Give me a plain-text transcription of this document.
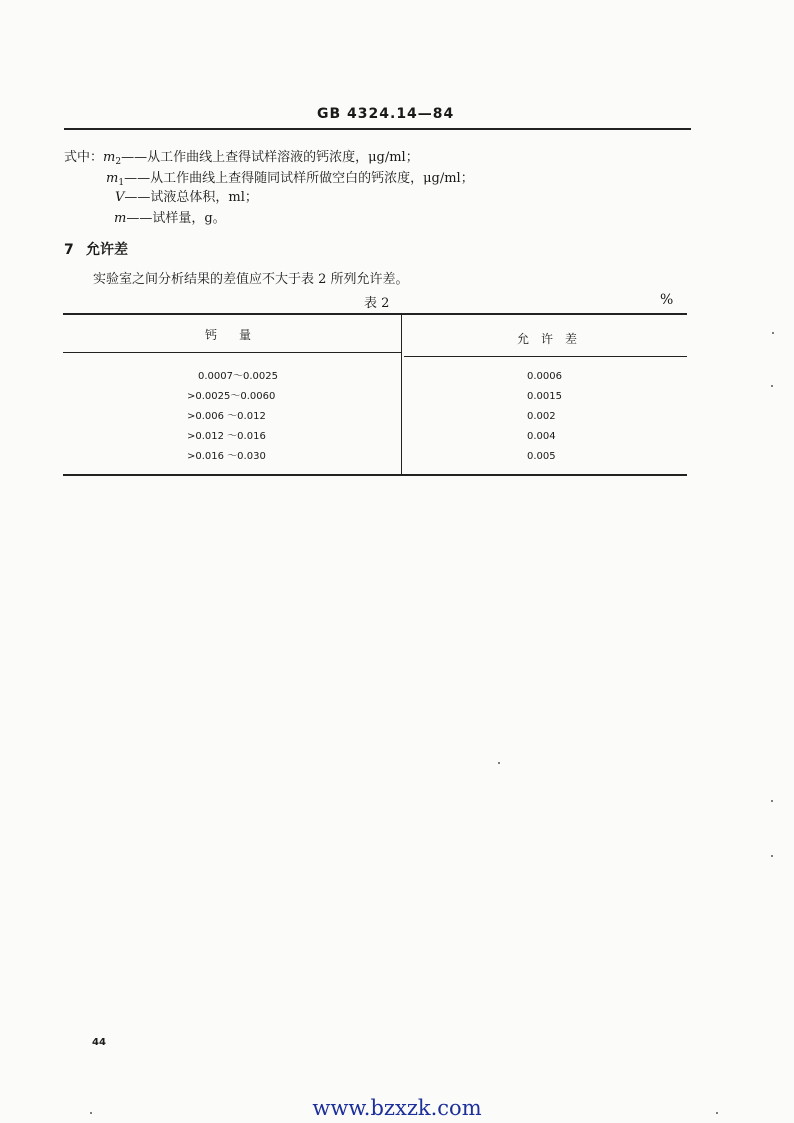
GB 4324.14—84
式中：$m_2——$从工作曲线上查得试样溶液的钙浓度，μg/ml；
$m_1——$从工作曲线上查得随同试样所做空白的钙浓度，μg/ml；
V——试液总体积，ml；
m——试样量，g。
7 允许差
实验室之间分析结果的差值应不大于表 2 所列允许差。
表 2	%
钙量	允许差
0.0007～0.0025	0.0006
>0.0025～0.0060	0.0015
>0.006 ～0.012	0.002
>0.012 ～0.016	0.004
>0.016 ～0.030	0.005
44
www.bzxzk.com
